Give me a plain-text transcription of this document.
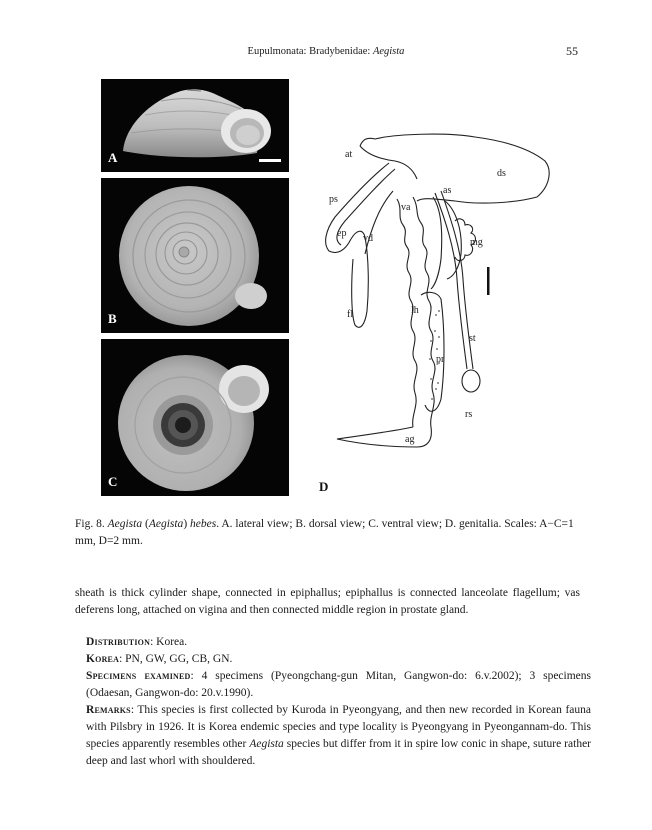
Eupulmonata: Bradybenidae: Aegista	55
A
B
C
at
ds
as
ps
va
ep vd	mg
fl	lh
st
pr
rs
ag
D
Fig. 8. Aegista (Aegista) hebes. A. lateral view; B. dorsal view; C. ventral view; D. genitalia. Scales: A−C=1 mm, D=2 mm.
sheath is thick cylinder shape, connected in epiphallus; epiphallus is connected lanceolate flagellum; vas deferens long, attached on vigina and then connected middle region in prostate gland.
Distribution: Korea.
Korea: PN, GW, GG, CB, GN.
Specimens examined: 4 specimens (Pyeongchang-gun Mitan, Gangwon-do: 6.v.2002); 3 specimens (Odaesan, Gangwon-do: 20.v.1990).
Remarks: This species is first collected by Kuroda in Pyeongyang, and then new recorded in Korean fauna with Pilsbry in 1926. It is Korea endemic species and type locality is Pyeongyang in Pyeongannam-do. This species apparently resembles other Aegista species but differ from it in spire low conic in shape, suture rather deep and last whorl with shouldered.
